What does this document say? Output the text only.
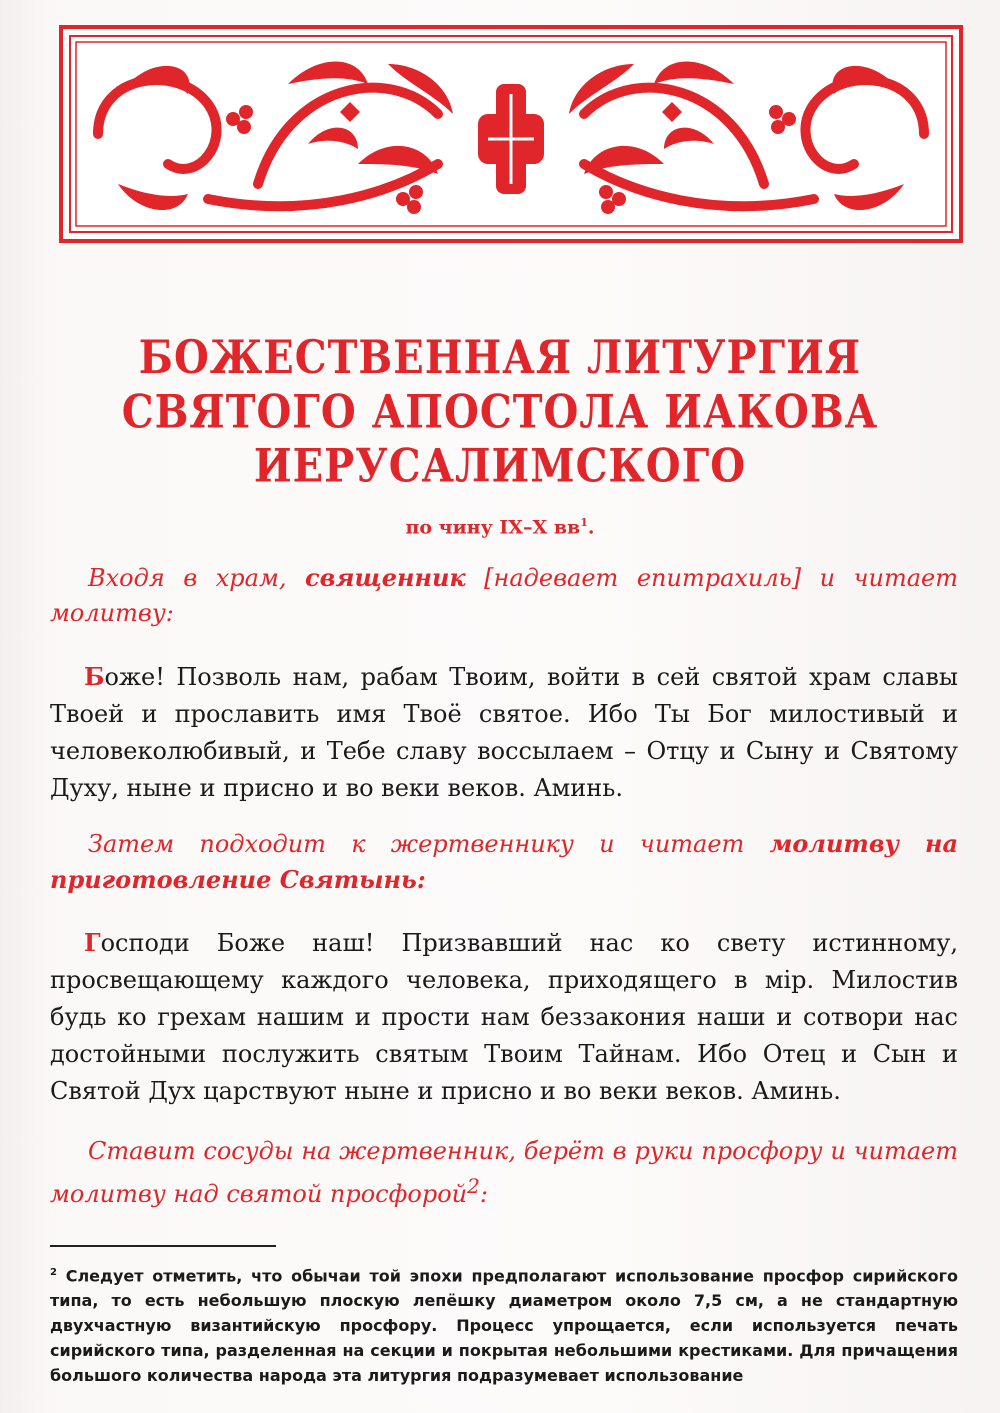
БОЖЕСТВЕННАЯ ЛИТУРГИЯ
СВЯТОГО АПОСТОЛА ИАКОВА ИЕРУСАЛИМСКОГО
по чину IX–X $вв^1$.
Входя в храм, священник [надевает епитрахиль] и читает молитву:
Боже! Позволь нам, рабам Твоим, войти в сей святой храм славы Твоей и прославить имя Твоё святое. Ибо Ты Бог милостивый и человеколюбивый, и Тебе славу воссылаем – Отцу и Сыну и Святому Духу, ныне и присно и во веки веков. Аминь.
Затем подходит к жертвеннику и читает молитву на приготовление Святынь:
Господи Боже наш! Призвавший нас ко свету истинному, просвещающему каждого человека, приходящего в мiр. Милостив будь ко грехам нашим и прости нам беззакония наши и сотвори нас достойными послужить святым Твоим Тайнам. Ибо Отец и Сын и Святой Дух царствуют ныне и присно и во веки веков. Аминь.
Ставит сосуды на жертвенник, берёт в руки просфору и читает молитву над святой просфорой$^2$:
$^2$ Следует отметить, что обычаи той эпохи предполагают использование просфор сирийского типа, то есть небольшую плоскую лепёшку диаметром около 7,5 см, а не стандартную двухчастную византийскую просфору. Процесс упрощается, если используется печать сирийского типа, разделенная на секции и покрытая небольшими крестиками. Для причащения большого количества народа эта литургия подразумевает использование
